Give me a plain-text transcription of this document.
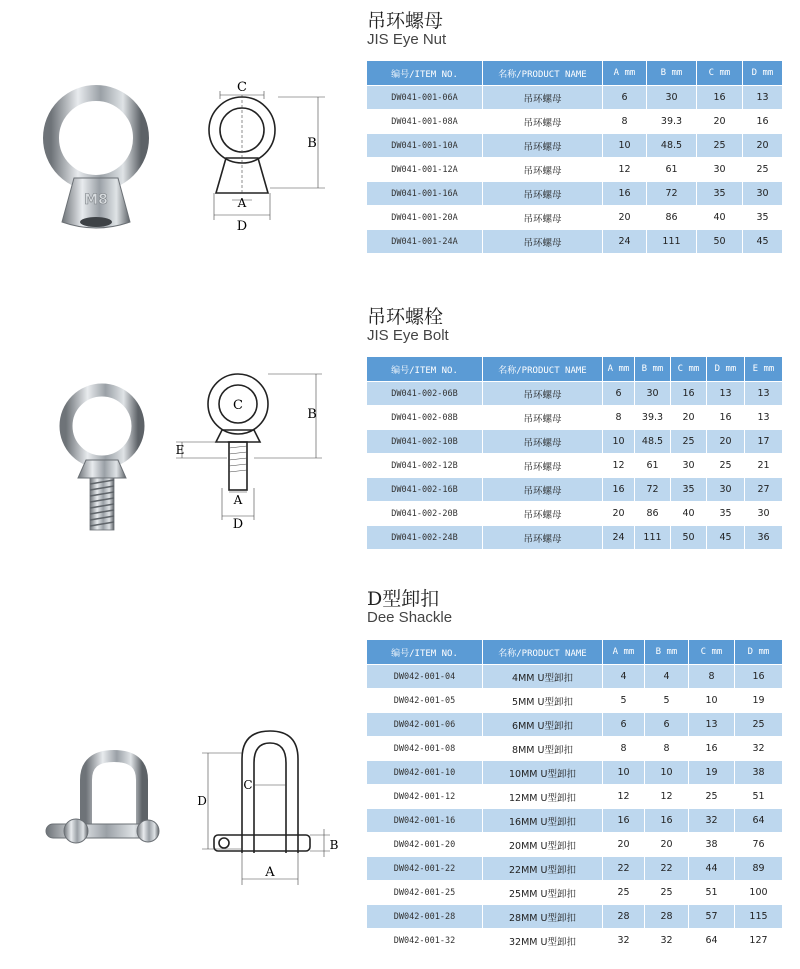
吊环螺母
JIS Eye Nut
M8
C
B
A
D
编号/ITEM NO.	名称/PRODUCT NAME	A mm	B mm	C mm	D mm
DW041-001-06A	吊环螺母	6	30	16	13
DW041-001-08A	吊环螺母	8	39.3	20	16
DW041-001-10A	吊环螺母	10	48.5	25	20
DW041-001-12A	吊环螺母	12	61	30	25
DW041-001-16A	吊环螺母	16	72	35	30
DW041-001-20A	吊环螺母	20	86	40	35
DW041-001-24A	吊环螺母	24	111	50	45
吊环螺栓
JIS Eye Bolt
C
B
E
A
D
编号/ITEM NO.	名称/PRODUCT NAME	A mm	B mm	C mm	D mm	E mm
DW041-002-06B	吊环螺母	6	30	16	13	13
DW041-002-08B	吊环螺母	8	39.3	20	16	13
DW041-002-10B	吊环螺母	10	48.5	25	20	17
DW041-002-12B	吊环螺母	12	61	30	25	21
DW041-002-16B	吊环螺母	16	72	35	30	27
DW041-002-20B	吊环螺母	20	86	40	35	30
DW041-002-24B	吊环螺母	24	111	50	45	36
D型卸扣
Dee Shackle
D
C
B
A
编号/ITEM NO.	名称/PRODUCT NAME	A mm	B mm	C mm	D mm
DW042-001-04	4MM U型卸扣	4	4	8	16
DW042-001-05	5MM U型卸扣	5	5	10	19
DW042-001-06	6MM U型卸扣	6	6	13	25
DW042-001-08	8MM U型卸扣	8	8	16	32
DW042-001-10	10MM U型卸扣	10	10	19	38
DW042-001-12	12MM U型卸扣	12	12	25	51
DW042-001-16	16MM U型卸扣	16	16	32	64
DW042-001-20	20MM U型卸扣	20	20	38	76
DW042-001-22	22MM U型卸扣	22	22	44	89
DW042-001-25	25MM U型卸扣	25	25	51	100
DW042-001-28	28MM U型卸扣	28	28	57	115
DW042-001-32	32MM U型卸扣	32	32	64	127
